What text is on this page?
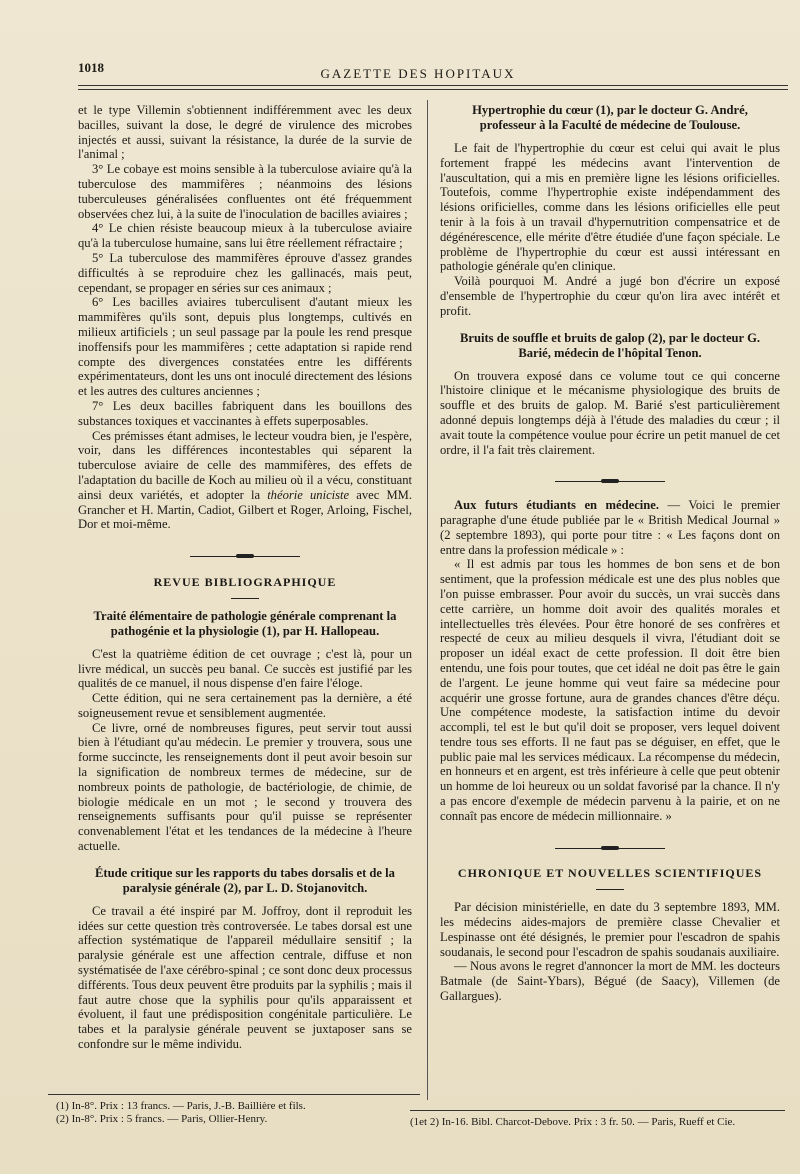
1018	GAZETTE DES HOPITAUX

et le type Villemin s'obtiennent indifféremment avec les deux bacilles, suivant la dose, le degré de virulence des microbes injectés et aussi, suivant la résistance, la durée de la survie de l'animal ;

3° Le cobaye est moins sensible à la tuberculose aviaire qu'à la tuberculose des mammifères ; néanmoins des lésions tuberculeuses généralisées confluentes ont été fréquemment observées chez lui, à la suite de l'inoculation de bacilles aviaires ;

4° Le chien résiste beaucoup mieux à la tuberculose aviaire qu'à la tuberculose humaine, sans lui être réellement réfractaire ;

5° La tuberculose des mammifères éprouve d'assez grandes difficultés à se reproduire chez les gallinacés, mais peut, cependant, se propager en séries sur ces animaux ;

6° Les bacilles aviaires tuberculisent d'autant mieux les mammifères qu'ils sont, depuis plus longtemps, cultivés en milieux artificiels ; un seul passage par la poule les rend presque inoffensifs pour les mammifères ; cette adaptation si rapide rend compte des divergences constatées entre les différents expérimentateurs, dont les uns ont inoculé directement des lésions et les autres des cultures anciennes ;

7° Les deux bacilles fabriquent dans les bouillons des substances toxiques et vaccinantes à effets superposables.

Ces prémisses étant admises, le lecteur voudra bien, je l'espère, voir, dans les différences incontestables qui séparent la tuberculose aviaire de celle des mammifères, des effets de l'adaptation du bacille de Koch au milieu où il a vécu, constituant ainsi deux variétés, et adopter la théorie uniciste avec MM. Grancher et H. Martin, Cadiot, Gilbert et Roger, Arloing, Fischel, Dor et moi-même.

REVUE BIBLIOGRAPHIQUE

Traité élémentaire de pathologie générale comprenant la pathogénie et la physiologie (1), par H. Hallopeau.

C'est la quatrième édition de cet ouvrage ; c'est là, pour un livre médical, un succès peu banal. Ce succès est justifié par les qualités de ce manuel, il nous dispense d'en faire l'éloge.

Cette édition, qui ne sera certainement pas la dernière, a été soigneusement revue et sensiblement augmentée.

Ce livre, orné de nombreuses figures, peut servir tout aussi bien à l'étudiant qu'au médecin. Le premier y trouvera, sous une forme succincte, les renseignements dont il peut avoir besoin sur la signification de nombreux termes de médecine, sur de nombreux points de pathologie, de bactériologie, de chimie, de biologie médicale en un mot ; le second y trouvera des renseignements suffisants pour qu'il puisse se représenter convenablement l'état et les tendances de la médecine à l'heure actuelle.

Étude critique sur les rapports du tabes dorsalis et de la paralysie générale (2), par L. D. Stojanovitch.

Ce travail a été inspiré par M. Joffroy, dont il reproduit les idées sur cette question très controversée. Le tabes dorsal est une affection systématique de l'appareil médullaire sensitif ; la paralysie générale est une affection centrale, diffuse et non systématisée de l'axe cérébro-spinal ; ce sont donc deux processus différents. Tous deux peuvent être produits par la syphilis ; mais il faut autre chose que la syphilis pour qu'ils apparaissent et évoluent, il faut une prédisposition congénitale particulière. Le tabes et la paralysie générale peuvent se juxtaposer sans se confondre sur le même individu.

(1) In-8°. Prix : 13 francs. — Paris, J.-B. Baillière et fils.
(2) In-8°. Prix : 5 francs. — Paris, Ollier-Henry.

Hypertrophie du cœur (1), par le docteur G. André, professeur à la Faculté de médecine de Toulouse.

Le fait de l'hypertrophie du cœur est celui qui avait le plus fortement frappé les médecins avant l'intervention de l'auscultation, qui a mis en première ligne les lésions orificielles. Toutefois, comme l'hypertrophie existe indépendamment des lésions orificielles, comme dans les lésions orificielles elle peut tenir à la fois à un travail d'hypernutrition compensatrice et de dégénérescence, elle mérite d'être étudiée d'une façon spéciale. Le problème de l'hypertrophie du cœur est aussi intéressant en pathologie générale qu'en clinique.

Voilà pourquoi M. André a jugé bon d'écrire un exposé d'ensemble de l'hypertrophie du cœur qu'on lira avec intérêt et profit.

Bruits de souffle et bruits de galop (2), par le docteur G. Barié, médecin de l'hôpital Tenon.

On trouvera exposé dans ce volume tout ce qui concerne l'histoire clinique et le mécanisme physiologique des bruits de souffle et des bruits de galop. M. Barié s'est particulièrement adonné depuis longtemps déjà à l'étude des maladies du cœur ; il avait toute la compétence voulue pour écrire un petit manuel de cet ordre, il l'a fait très clairement.

Aux futurs étudiants en médecine. — Voici le premier paragraphe d'une étude publiée par le « British Medical Journal » (2 septembre 1893), qui porte pour titre : « Les façons dont on entre dans la profession médicale » :

« Il est admis par tous les hommes de bon sens et de bon sentiment, que la profession médicale est une des plus nobles que l'on puisse embrasser. Pour avoir du succès, un vrai succès dans cette carrière, un homme doit avoir des qualités morales et intellectuelles très élevées. Pour être honoré de ses confrères et respecté de ceux au milieu desquels il vivra, l'étudiant doit se proposer un idéal exact de cette profession. Il doit être bien entendu, une fois pour toutes, que cet idéal ne doit pas être le gain de l'argent. Le jeune homme qui veut faire sa médecine pour acquérir une grosse fortune, aura de grandes chances d'être déçu. Une compétence modeste, la satisfaction intime du devoir accompli, tel est le but qu'il doit se proposer, vers lequel doivent tendre tous ses efforts. Il ne faut pas se déguiser, en effet, que le public paie mal les services médicaux. La récompense du médecin, en honneurs et en argent, est très inférieure à celle que peut obtenir un homme de loi heureux ou un soldat favorisé par la chance. Il n'y a pas encore d'exemple de médecin parvenu à la pairie, et on ne connaît pas encore de médecin millionnaire. »

CHRONIQUE ET NOUVELLES SCIENTIFIQUES

Par décision ministérielle, en date du 3 septembre 1893, MM. les médecins aides-majors de première classe Chevalier et Lespinasse ont été désignés, le premier pour l'escadron de spahis soudanais, le second pour l'escadron de spahis soudanais auxiliaire.

— Nous avons le regret d'annoncer la mort de MM. les docteurs Batmale (de Saint-Ybars), Bégué (de Saacy), Villemen (de Gallargues).

(1et 2) In-16. Bibl. Charcot-Debove. Prix : 3 fr. 50. — Paris, Rueff et Cie.
